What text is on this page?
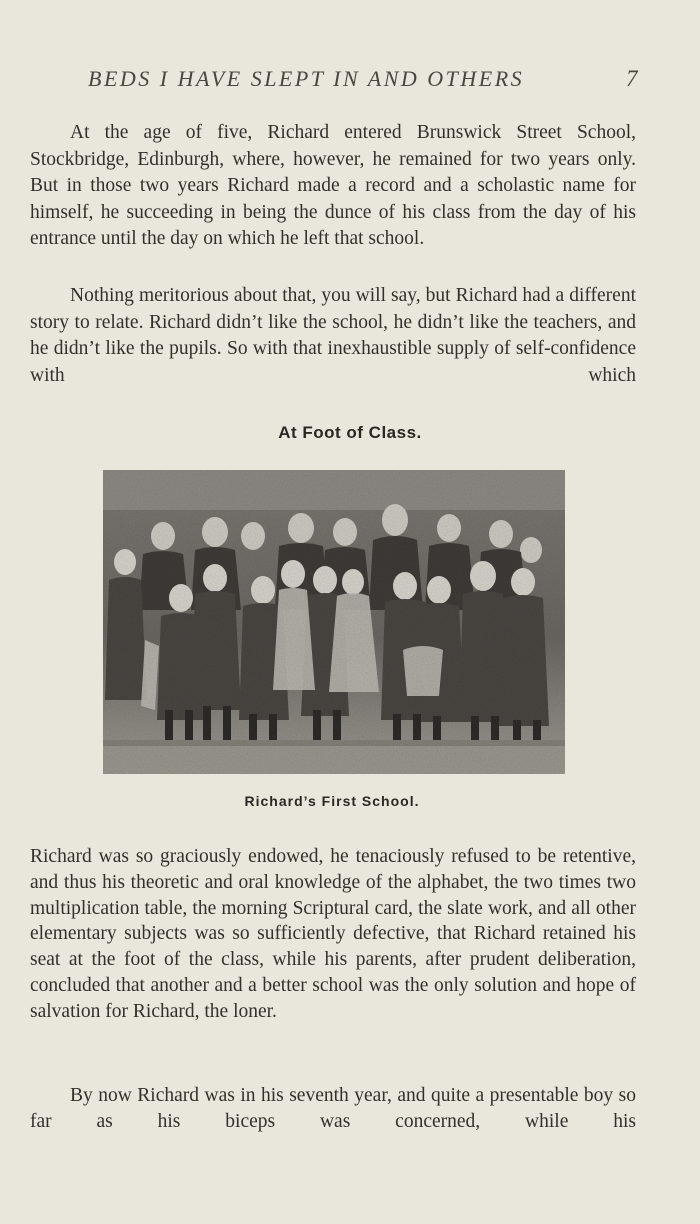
BEDS I HAVE SLEPT IN AND OTHERS	7

At the age of five, Richard entered Brunswick Street School, Stockbridge, Edinburgh, where, however, he remained for two years only. But in those two years Richard made a record and a scholastic name for himself, he succeeding in being the dunce of his class from the day of his entrance until the day on which he left that school.

Nothing meritorious about that, you will say, but Richard had a different story to relate. Richard didn’t like the school, he didn’t like the teachers, and he didn’t like the pupils. So with that inexhaustible supply of self-confidence with which

At Foot of Class.
Richard’s First School.

Richard was so graciously endowed, he tenaciously refused to be retentive, and thus his theoretic and oral knowledge of the alphabet, the two times two multiplication table, the morning Scriptural card, the slate work, and all other elementary subjects was so sufficiently defective, that Richard retained his seat at the foot of the class, while his parents, after prudent deliberation, concluded that another and a better school was the only solution and hope of salvation for Richard, the loner.

By now Richard was in his seventh year, and quite a presentable boy so far as his biceps was concerned, while his
